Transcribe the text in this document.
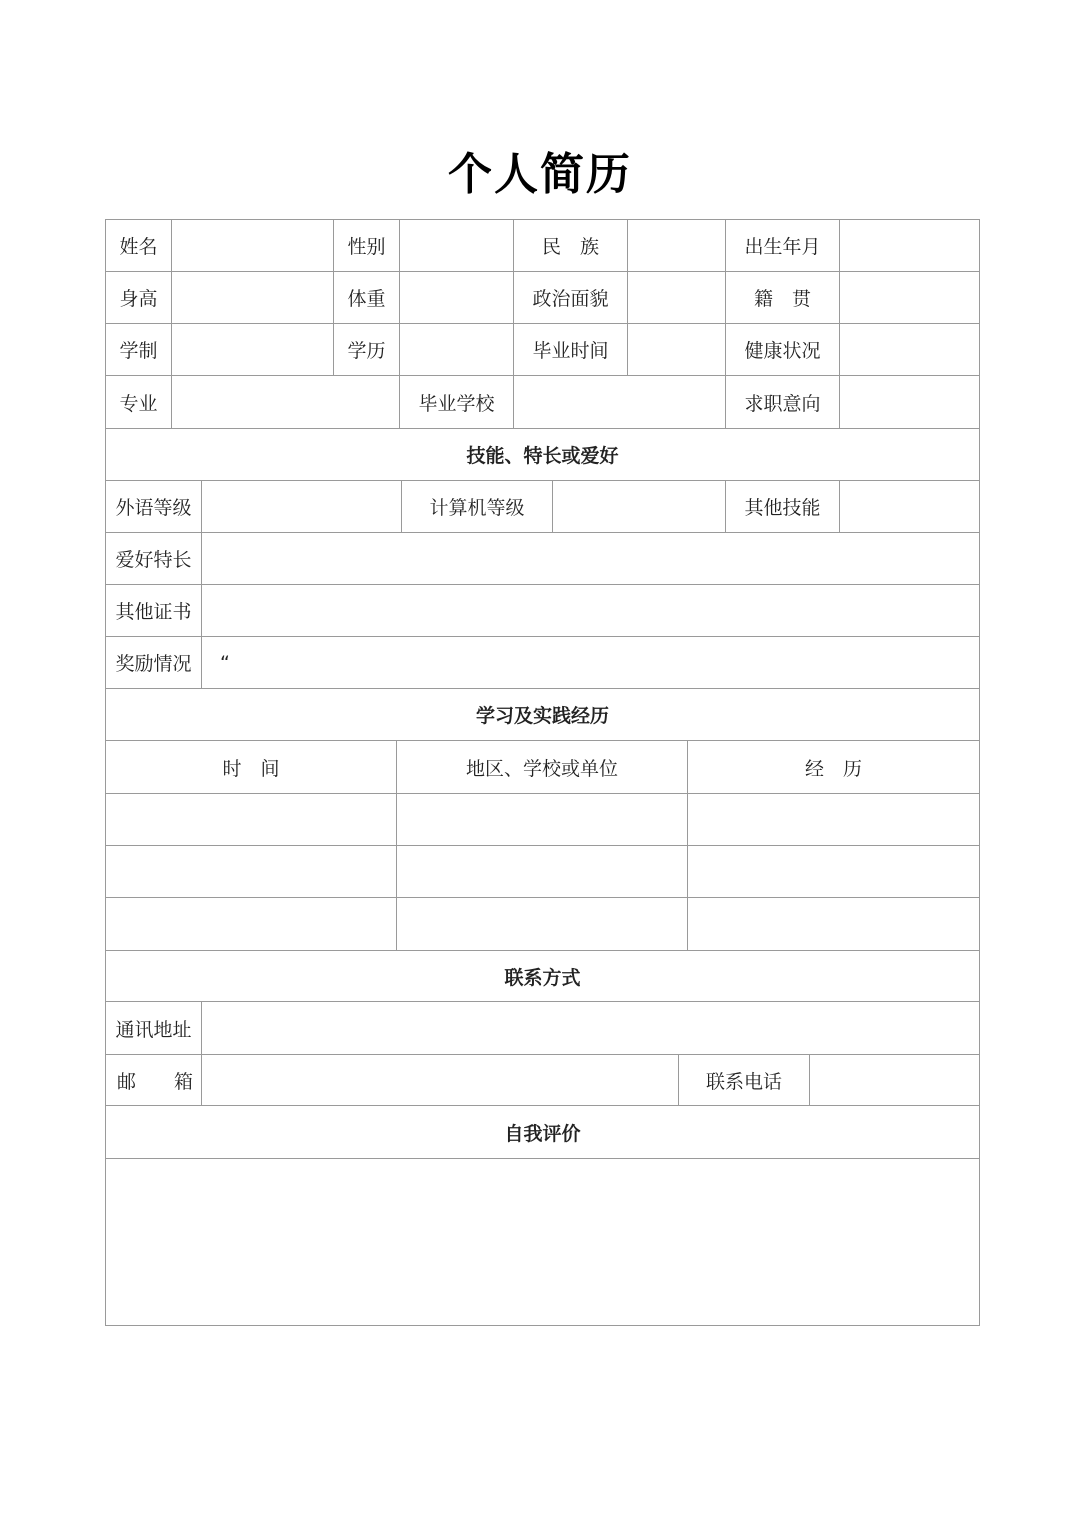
个人简历
姓名	性别	民　族	出生年月
身高	体重	政治面貌	籍　贯
学制	学历	毕业时间	健康状况
专业	毕业学校	求职意向
技能、特长或爱好
外语等级	计算机等级	其他技能
爱好特长
其他证书
奖励情况	“
学习及实践经历
时　间	地区、学校或单位	经　历
联系方式
通讯地址
邮　　箱	联系电话
自我评价
